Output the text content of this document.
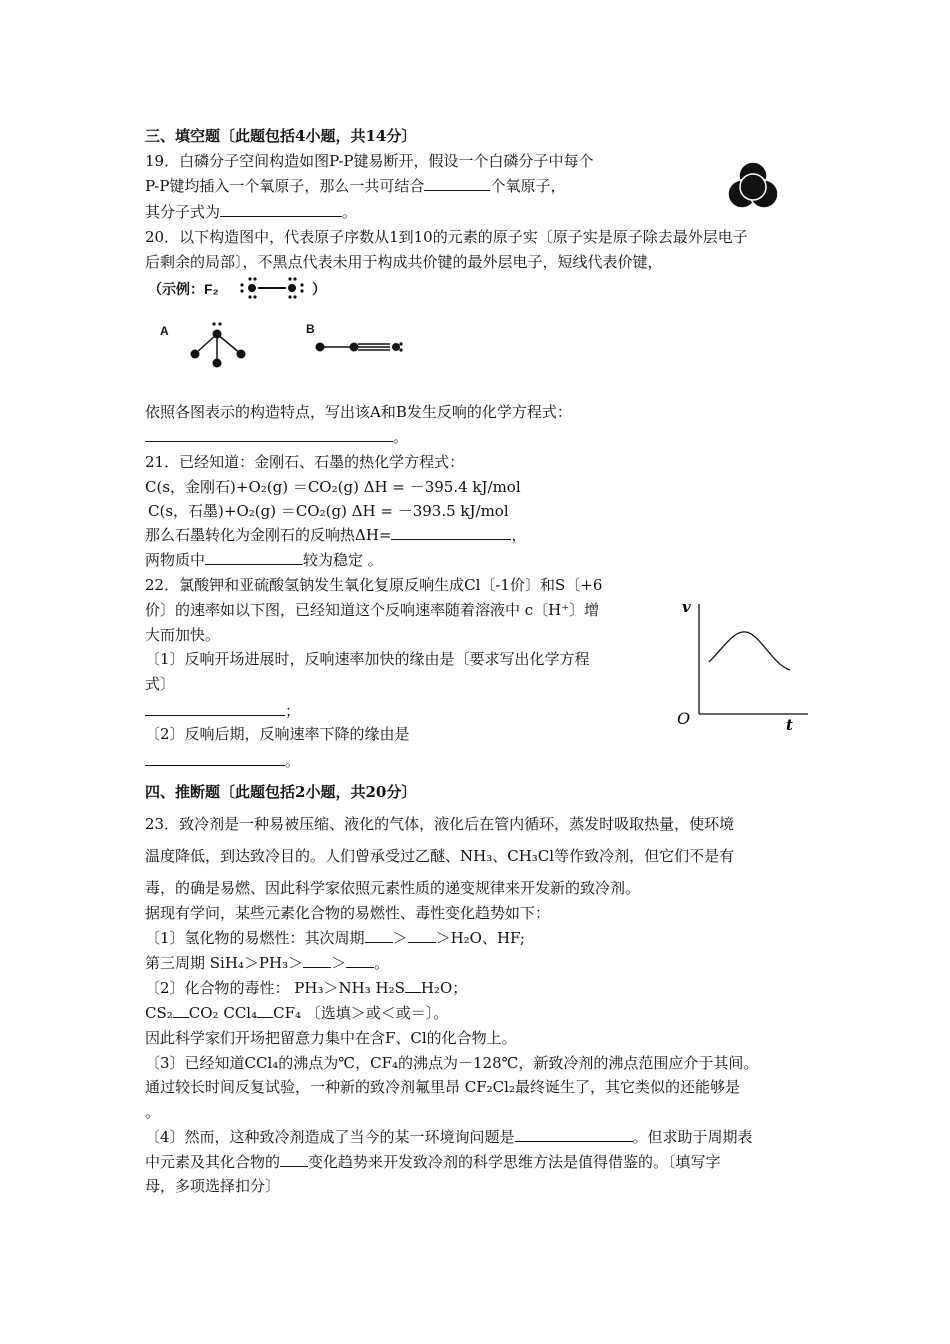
三、填空题〔此题包括4小题，共14分〕
19．白磷分子空间构造如图P-P键易断开，假设一个白磷分子中每个
P-P键均插入一个氧原子，那么一共可结合	个氧原子，
其分子式为	。
20．以下构造图中，代表原子序数从1到10的元素的原子实〔原子实是原子除去最外层电子
后剩余的局部〕，不黑点代表未用于构成共价键的最外层电子，短线代表价键，
（示例：F₂	）
A	B
依照各图表示的构造特点，写出该A和B发生反响的化学方程式：
。
21．已经知道：金刚石、石墨的热化学方程式：
C(s，金刚石)+O₂(g) ＝CO₂(g) ΔH = －395.4 kJ/mol
C(s，石墨)+O₂(g) ＝CO₂(g) ΔH = －393.5 kJ/mol
那么石墨转化为金刚石的反响热ΔH=	，
两物质中	较为稳定 。
22．氯酸钾和亚硫酸氢钠发生氧化复原反响生成Cl〔-1价〕和S〔+6
价〕的速率如以下图，已经知道这个反响速率随着溶液中 c〔H⁺〕增
大而加快。
〔1〕反响开场进展时，反响速率加快的缘由是〔要求写出化学方程
式〕
；
〔2〕反响后期，反响速率下降的缘由是
。
v
O	t
四、推断题〔此题包括2小题，共20分〕
23．致冷剂是一种易被压缩、液化的气体，液化后在管内循环，蒸发时吸取热量，使环境
温度降低，到达致冷目的。人们曾承受过乙醚、NH₃、CH₃Cl等作致冷剂，但它们不是有
毒，的确是易燃、因此科学家依照元素性质的递变规律来开发新的致冷剂。
据现有学问，某些元素化合物的易燃性、毒性变化趋势如下：
〔1〕氢化物的易燃性：其次周期 ＞ ＞H₂O、HF;
第三周期 SiH₄＞PH₃＞ ＞ 。
〔2〕化合物的毒性： PH₃＞NH₃ H₂S H₂O；
CS₂ CO₂ CCl₄ CF₄ 〔选填＞或＜或＝〕。
因此科学家们开场把留意力集中在含F、Cl的化合物上。
〔3〕已经知道CCl₄的沸点为℃，CF₄的沸点为－128℃，新致冷剂的沸点范围应介于其间。
通过较长时间反复试验，一种新的致冷剂氟里昂 CF₂Cl₂最终诞生了，其它类似的还能够是
。
〔4〕然而，这种致冷剂造成了当今的某一环境询问题是	。但求助于周期表
中元素及其化合物的 变化趋势来开发致冷剂的科学思维方法是值得借鉴的。〔填写字
母，多项选择扣分〕
